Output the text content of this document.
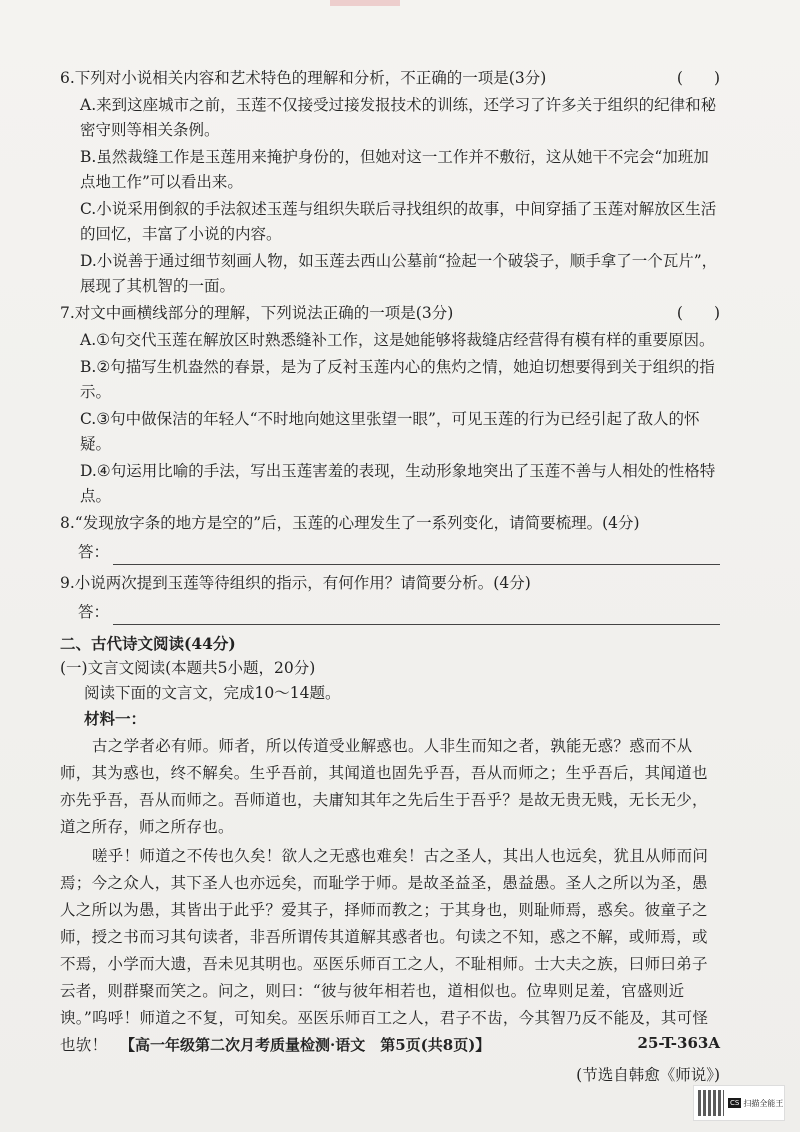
6.下列对小说相关内容和艺术特色的理解和分析，不正确的一项是(3分)	(　　)
A.来到这座城市之前，玉莲不仅接受过接发报技术的训练，还学习了许多关于组织的纪律和秘密守则等相关条例。
B.虽然裁缝工作是玉莲用来掩护身份的，但她对这一工作并不敷衍，这从她干不完会“加班加点地工作”可以看出来。
C.小说采用倒叙的手法叙述玉莲与组织失联后寻找组织的故事，中间穿插了玉莲对解放区生活的回忆，丰富了小说的内容。
D.小说善于通过细节刻画人物，如玉莲去西山公墓前“捡起一个破袋子，顺手拿了一个瓦片”，展现了其机智的一面。
7.对文中画横线部分的理解，下列说法正确的一项是(3分)	(　　)
A.①句交代玉莲在解放区时熟悉缝补工作，这是她能够将裁缝店经营得有模有样的重要原因。
B.②句描写生机盎然的春景，是为了反衬玉莲内心的焦灼之情，她迫切想要得到关于组织的指示。
C.③句中做保洁的年轻人“不时地向她这里张望一眼”，可见玉莲的行为已经引起了敌人的怀疑。
D.④句运用比喻的手法，写出玉莲害羞的表现，生动形象地突出了玉莲不善与人相处的性格特点。
8.“发现放字条的地方是空的”后，玉莲的心理发生了一系列变化，请简要梳理。(4分)
答：
9.小说两次提到玉莲等待组织的指示，有何作用？请简要分析。(4分)
答：
二、古代诗文阅读(44分)
(一)文言文阅读(本题共5小题，20分)
阅读下面的文言文，完成10～14题。
材料一：

古之学者必有师。师者，所以传道受业解惑也。人非生而知之者，孰能无惑？惑而不从师，其为惑也，终不解矣。生乎吾前，其闻道也固先乎吾，吾从而师之；生乎吾后，其闻道也亦先乎吾，吾从而师之。吾师道也，夫庸知其年之先后生于吾乎？是故无贵无贱，无长无少，道之所存，师之所存也。

嗟乎！师道之不传也久矣！欲人之无惑也难矣！古之圣人，其出人也远矣，犹且从师而问焉；今之众人，其下圣人也亦远矣，而耻学于师。是故圣益圣，愚益愚。圣人之所以为圣，愚人之所以为愚，其皆出于此乎？爱其子，择师而教之；于其身也，则耻师焉，惑矣。彼童子之师，授之书而习其句读者，非吾所谓传其道解其惑者也。句读之不知，惑之不解，或师焉，或不焉，小学而大遗，吾未见其明也。巫医乐师百工之人，不耻相师。士大夫之族，曰师曰弟子云者，则群聚而笑之。问之，则曰：“彼与彼年相若也，道相似也。位卑则足羞，官盛则近谀。”呜呼！师道之不复，可知矣。巫医乐师百工之人，君子不齿，今其智乃反不能及，其可怪也欤！

(节选自韩愈《师说》)
【高一年级第二次月考质量检测·语文　第5页(共8页)】	25-T-363A
CS 扫描全能王
